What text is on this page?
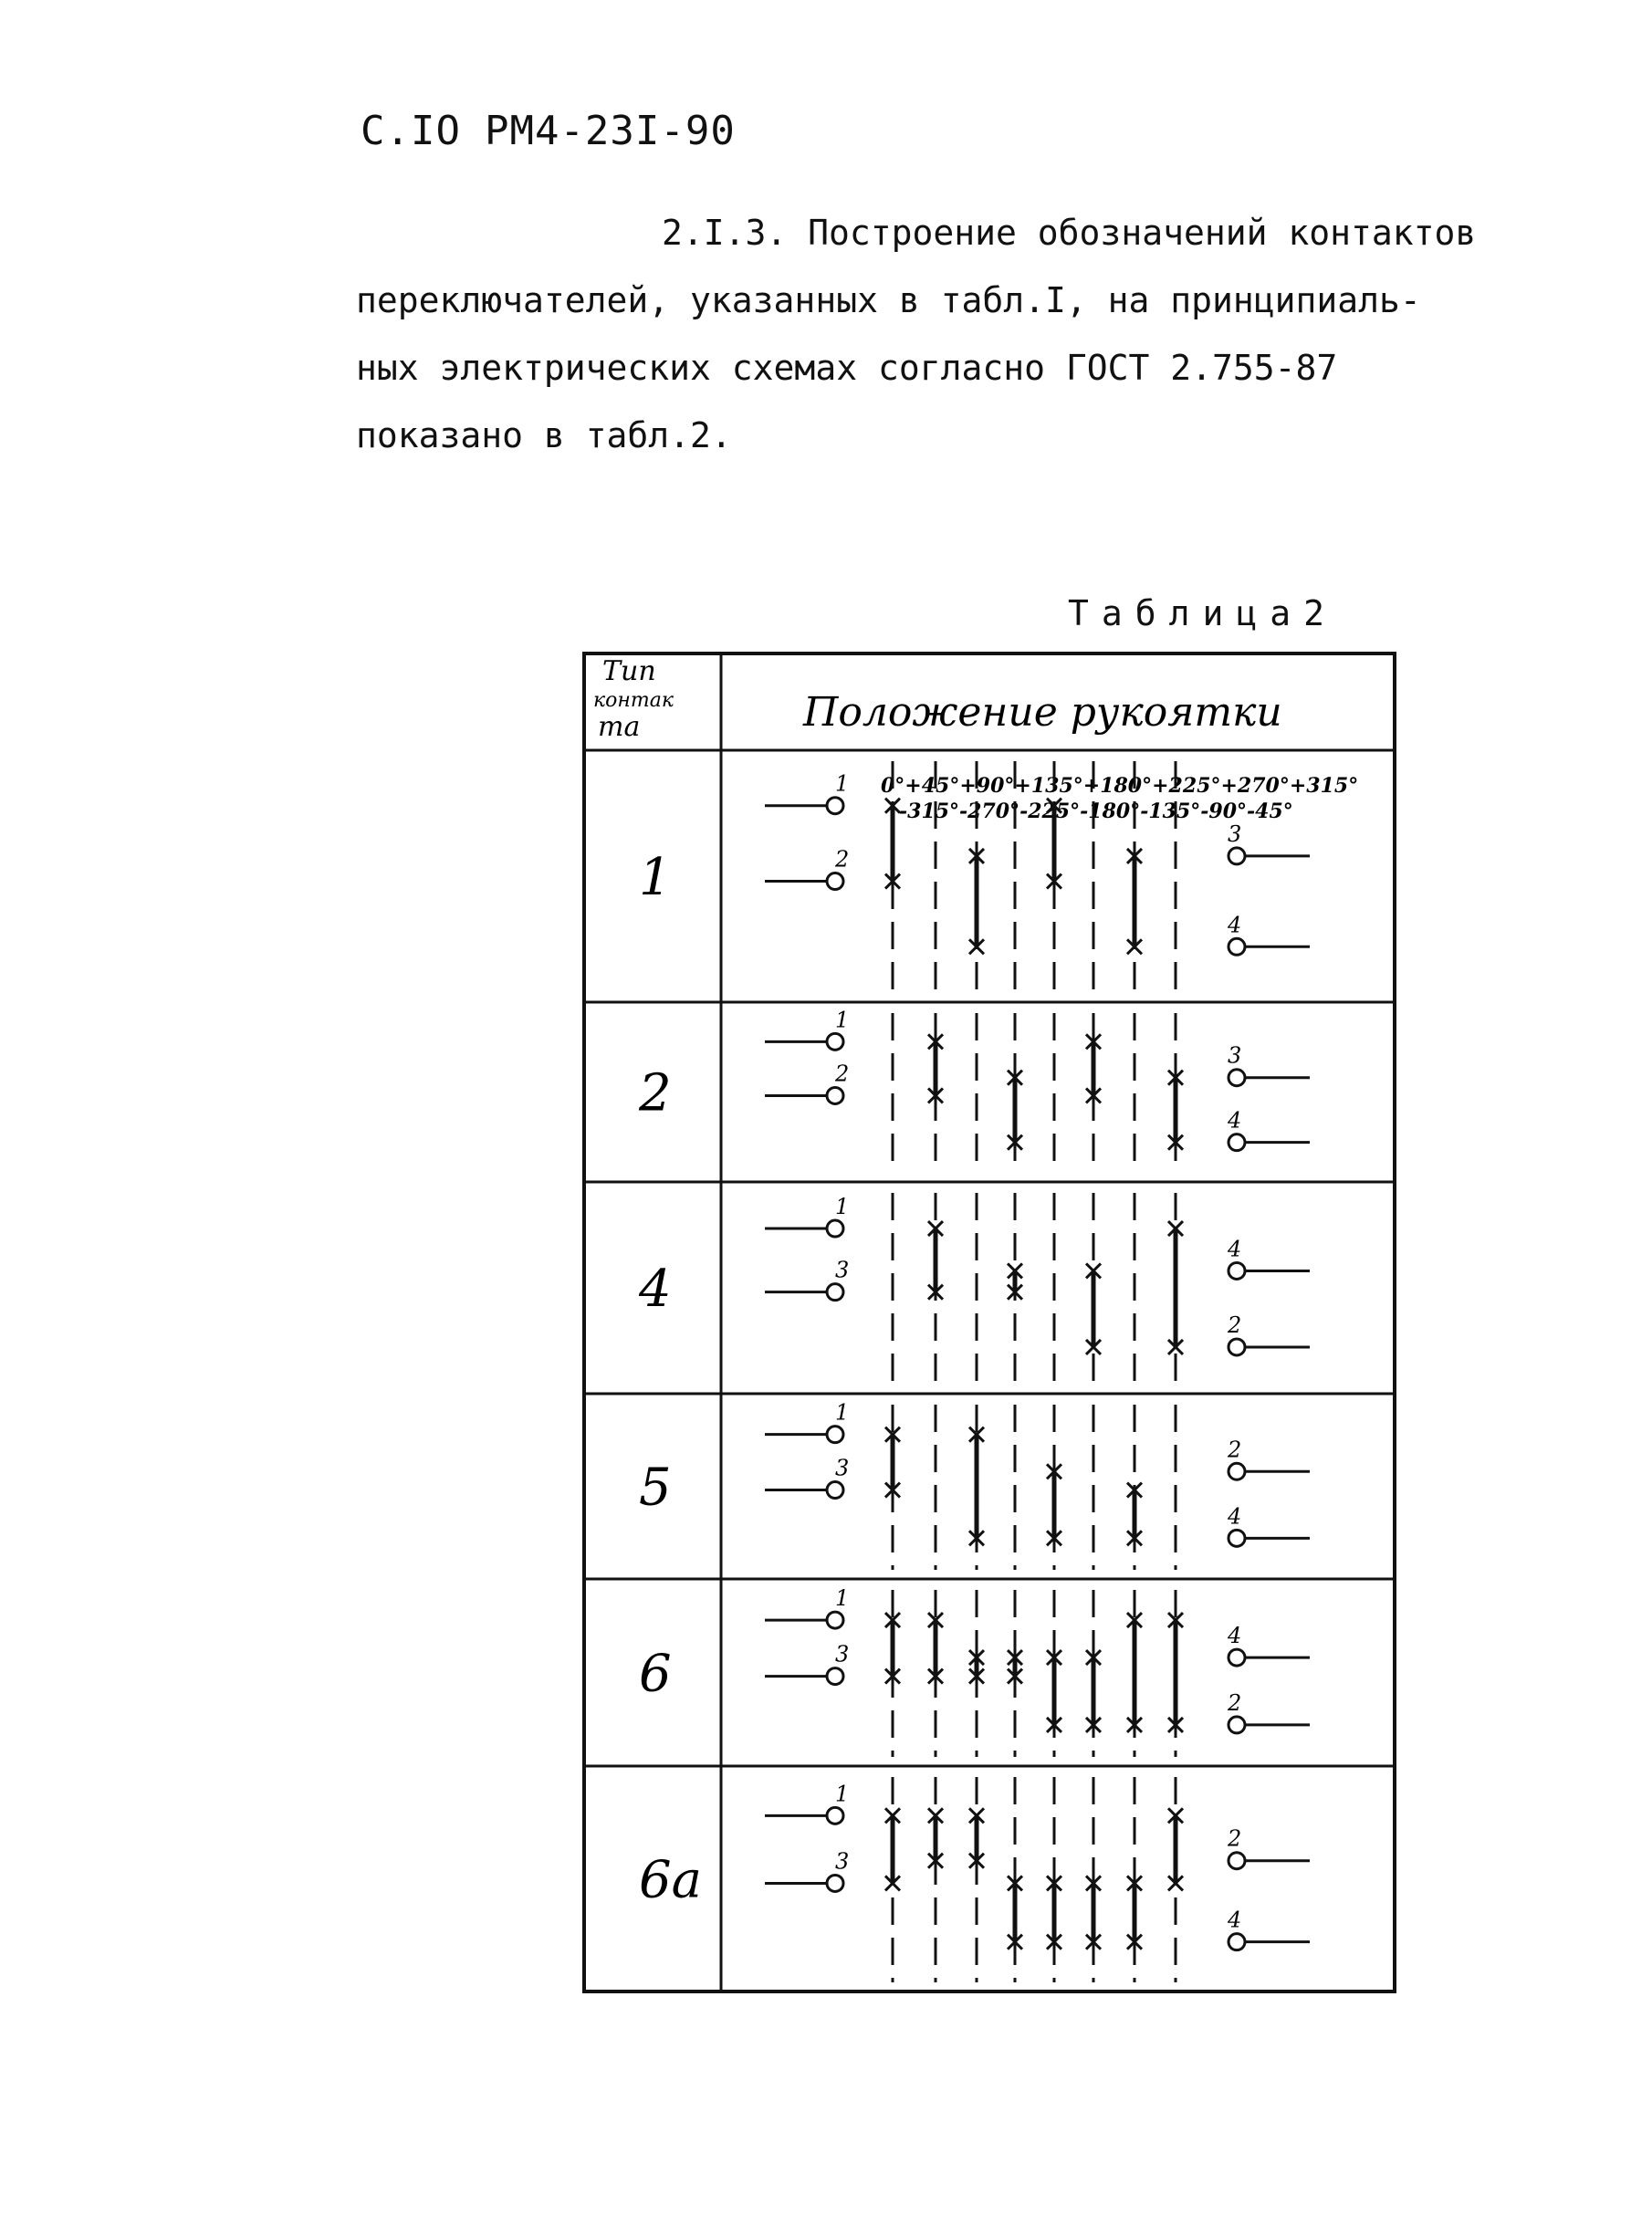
С.IO РМ4-23I-90
2.I.3. Построение обозначений контактов
переключателей, указанных в табл.I, на принципиаль-
ных электрических схемах согласно ГОСТ 2.755-87
показано в табл.2.
Таблица2
Тип
контак
та	Положение рукоятки
0°+45°+90°+135°+180°+225°+270°+315°
-315°-270°-225°-180°-135°-90°-45°
1
1
2
3
4
2
1
2
3
4
4
1
3
4
2
5
1
3
2
4
6
1
3
4
2
6а
1
3
2
4
